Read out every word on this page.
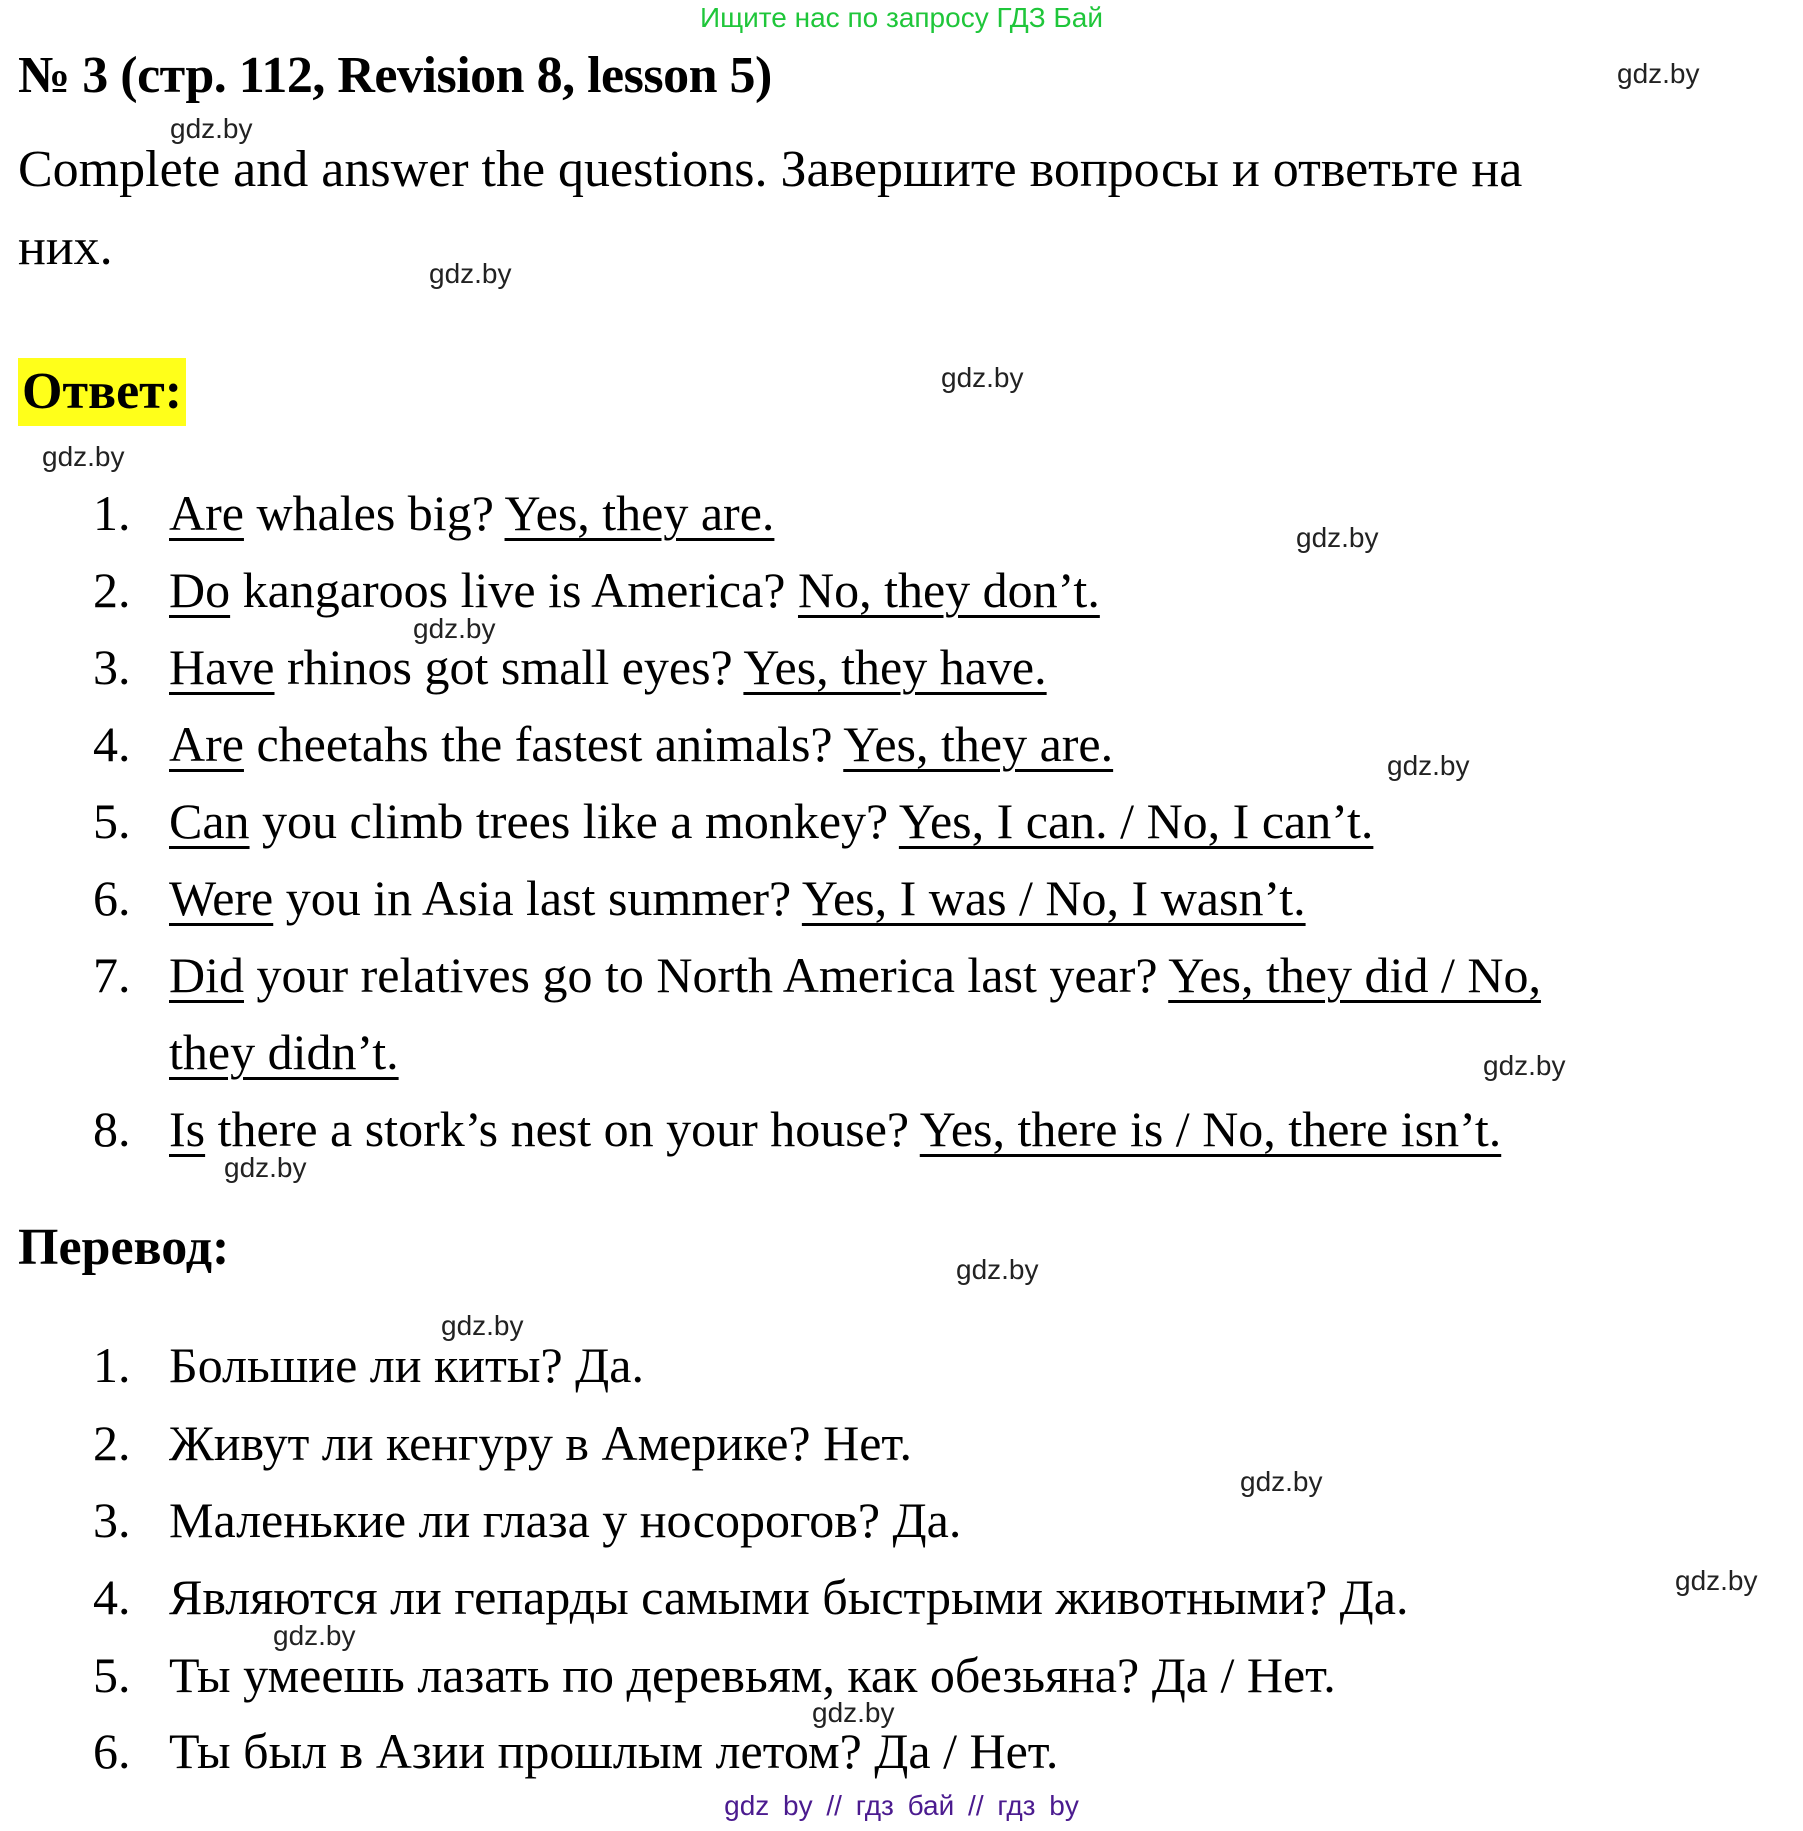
Ищите нас по запросу ГДЗ Бай
№ 3 (стр. 112, Revision 8, lesson 5)
Complete and answer the questions. Завершите вопросы и ответьте на
них.
Ответ:
1. Are whales big? Yes, they are.
2. Do kangaroos live is America? No, they don’t.
3. Have rhinos got small eyes? Yes, they have.
4. Are cheetahs the fastest animals? Yes, they are.
5. Can you climb trees like a monkey? Yes, I can. / No, I can’t.
6. Were you in Asia last summer? Yes, I was / No, I wasn’t.
7. Did your relatives go to North America last year? Yes, they did / No,
they didn’t.
8. Is there a stork’s nest on your house? Yes, there is / No, there isn’t.
Перевод:
1. Большие ли киты? Да.
2. Живут ли кенгуру в Америке? Нет.
3. Маленькие ли глаза у носорогов? Да.
4. Являются ли гепарды самыми быстрыми животными? Да.
5. Ты умеешь лазать по деревьям, как обезьяна? Да / Нет.
6. Ты был в Азии прошлым летом? Да / Нет.
gdz.by
gdz.by
gdz.by
gdz.by
gdz.by
gdz.by
gdz.by
gdz.by
gdz.by
gdz.by
gdz.by
gdz.by
gdz.by
gdz.by
gdz.by
gdz.by
gdz by // гдз бай // гдз by
